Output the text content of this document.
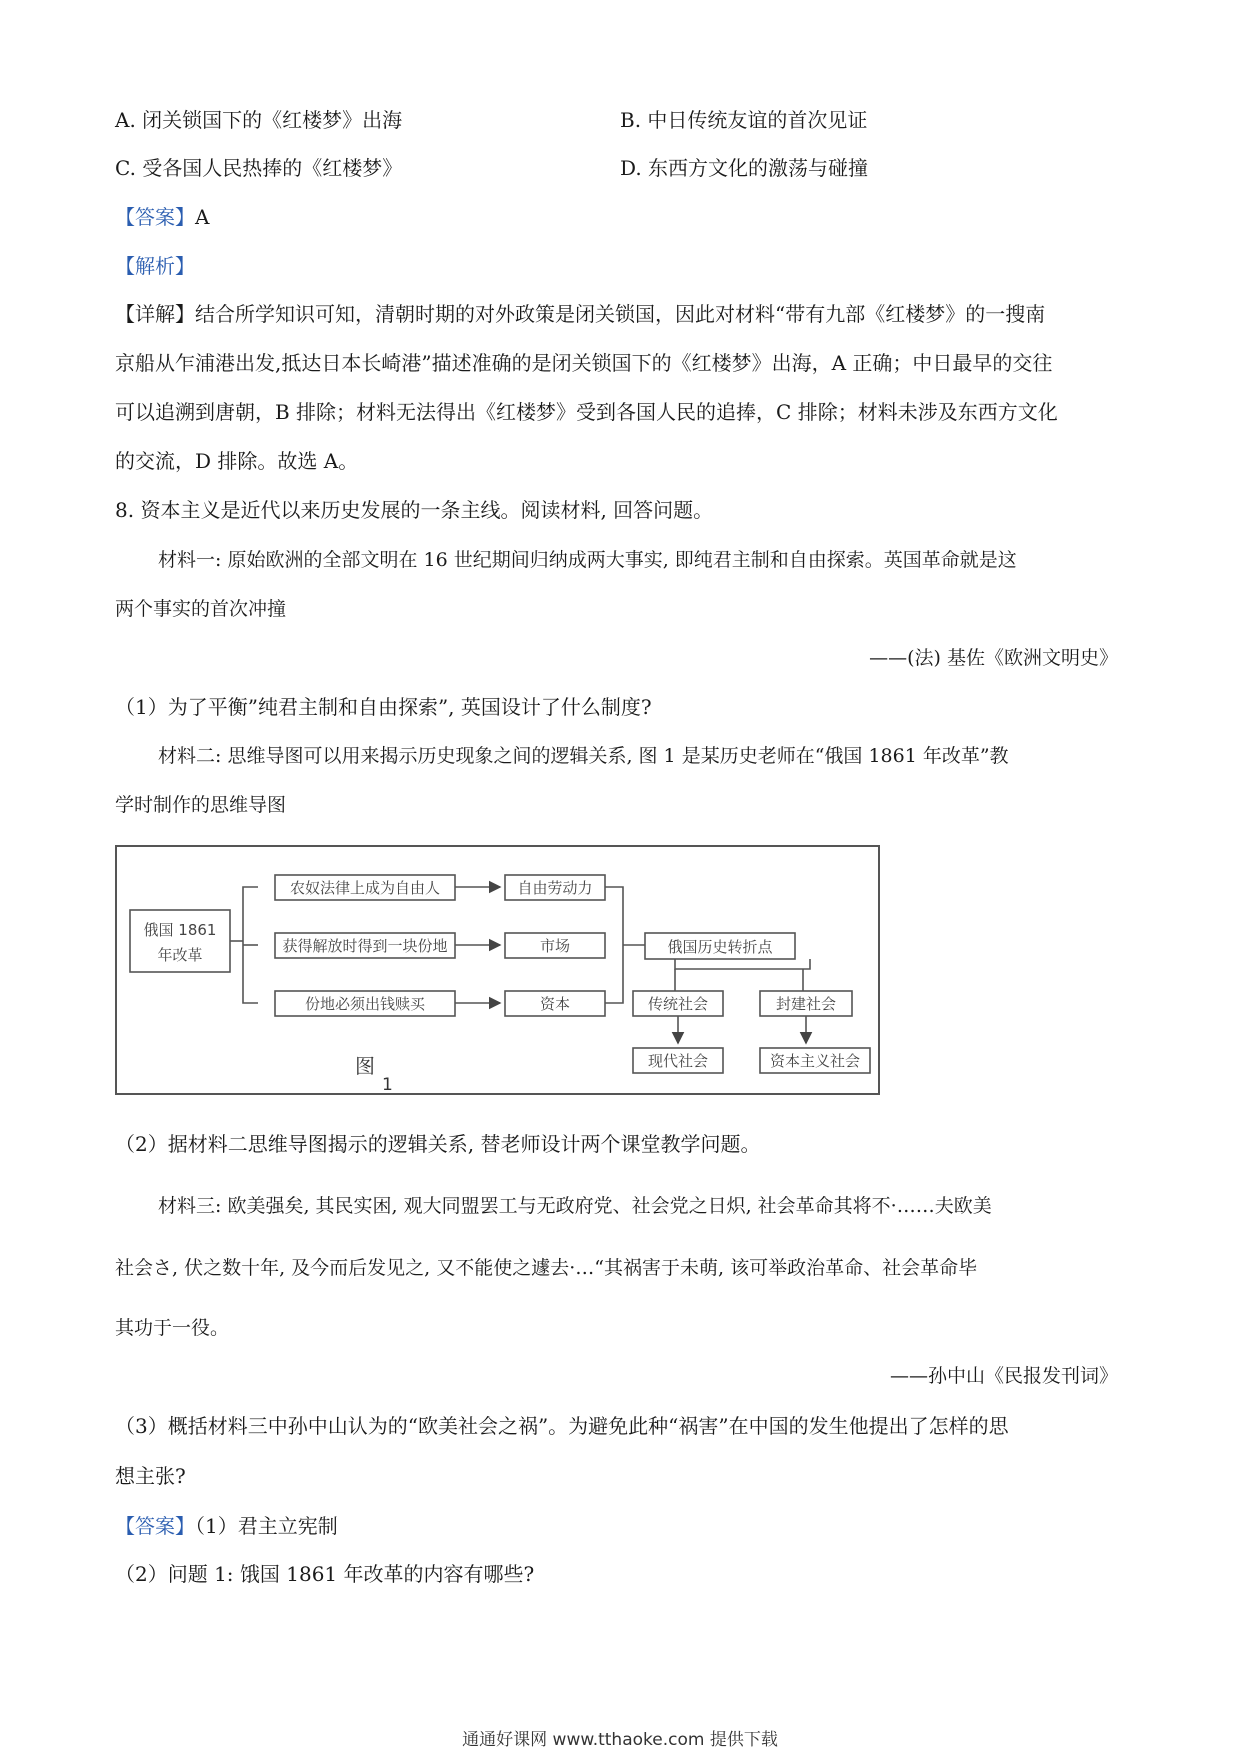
A. 闭关锁国下的《红楼梦》出海	B. 中日传统友谊的首次见证
C. 受各国人民热捧的《红楼梦》	D. 东西方文化的激荡与碰撞
【答案】A
【解析】
【详解】结合所学知识可知，清朝时期的对外政策是闭关锁国，因此对材料“带有九部《红楼梦》的一搜南
京船从乍浦港出发,抵达日本长崎港”描述准确的是闭关锁国下的《红楼梦》出海，A 正确；中日最早的交往
可以追溯到唐朝，B 排除；材料无法得出《红楼梦》受到各国人民的追捧，C 排除；材料未涉及东西方文化
的交流，D 排除。故选 A。
8. 资本主义是近代以来历史发展的一条主线。阅读材料, 回答问题。
材料一: 原始欧洲的全部文明在 16 世纪期间归纳成两大事实, 即纯君主制和自由探索。英国革命就是这
两个事实的首次冲撞
——(法) 基佐《欧洲文明史》
（1）为了平衡”纯君主制和自由探索”, 英国设计了什么制度?
材料二: 思维导图可以用来揭示历史现象之间的逻辑关系, 图 1 是某历史老师在“俄国 1861 年改革”教
学时制作的思维导图
俄国 1861
年改革
农奴法律上成为自由人
获得解放时得到一块份地
份地必须出钱赎买
自由劳动力
市场
资本
俄国历史转折点
传统社会	封建社会
现代社会	资本主义社会
图
1
（2）据材料二思维导图揭示的逻辑关系, 替老师设计两个课堂教学问题。
材料三: 欧美强矣, 其民实困, 观大同盟罢工与无政府党、社会党之日炽, 社会革命其将不·……夫欧美
社会さ, 伏之数十年, 及今而后发见之, 又不能使之遽去·…“其祸害于未萌, 该可举政治革命、社会革命毕
其功于一役。
——孙中山《民报发刊词》
（3）概括材料三中孙中山认为的“欧美社会之祸”。为避免此种“祸害”在中国的发生他提出了怎样的思
想主张?
【答案】（1）君主立宪制
（2）问题 1: 饿国 1861 年改革的内容有哪些?
通通好课网 www.tthaoke.com 提供下载
